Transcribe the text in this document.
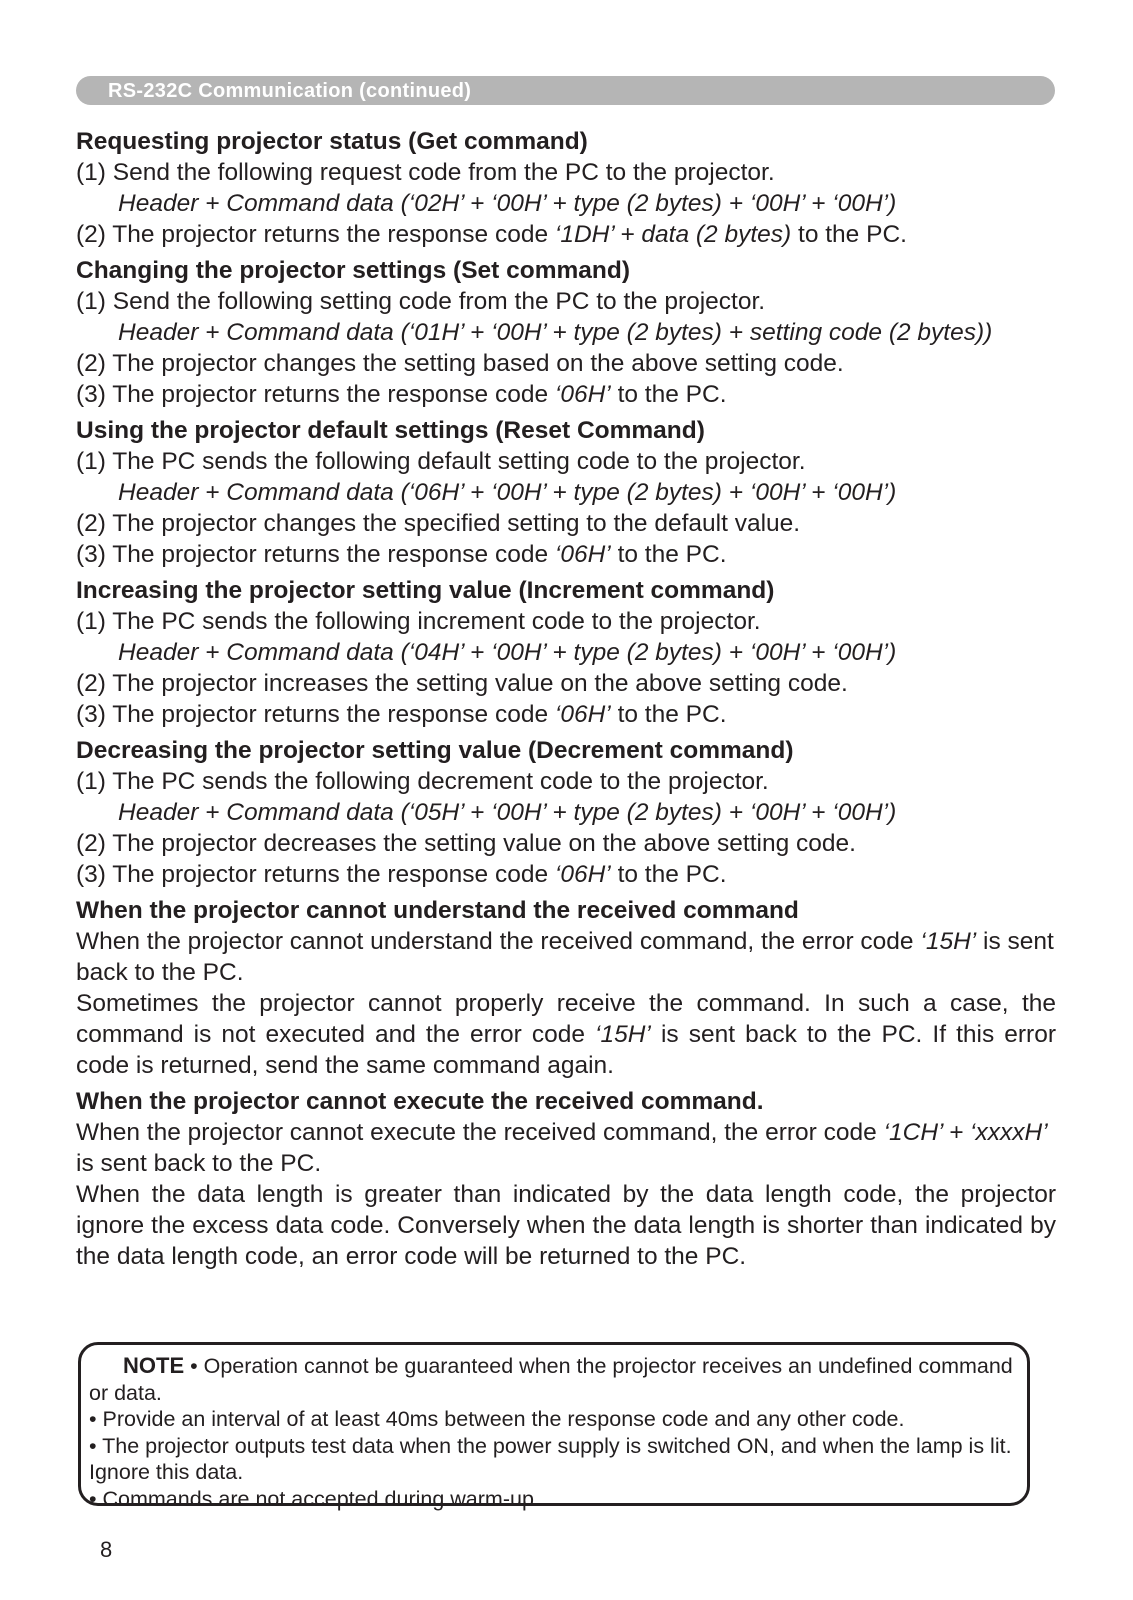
RS-232C Communication (continued)
Requesting projector status (Get command)

(1) Send the following request code from the PC to the projector.

Header + Command data (‘02H’ + ‘00H’ + type (2 bytes) + ‘00H’ + ‘00H’)

(2) The projector returns the response code ‘1DH’ + data (2 bytes) to the PC.

Changing the projector settings (Set command)

(1) Send the following setting code from the PC to the projector.

Header + Command data (‘01H’ + ‘00H’ + type (2 bytes) + setting code (2 bytes))

(2) The projector changes the setting based on the above setting code.

(3) The projector returns the response code ‘06H’ to the PC.

Using the projector default settings (Reset Command)

(1) The PC sends the following default setting code to the projector.

Header + Command data (‘06H’ + ‘00H’ + type (2 bytes) + ‘00H’ + ‘00H’)

(2) The projector changes the specified setting to the default value.

(3) The projector returns the response code ‘06H’ to the PC.

Increasing the projector setting value (Increment command)

(1) The PC sends the following increment code to the projector.

Header + Command data (‘04H’ + ‘00H’ + type (2 bytes) + ‘00H’ + ‘00H’)

(2) The projector increases the setting value on the above setting code.

(3) The projector returns the response code ‘06H’ to the PC.

Decreasing the projector setting value (Decrement command)

(1) The PC sends the following decrement code to the projector.

Header + Command data (‘05H’ + ‘00H’ + type (2 bytes) + ‘00H’ + ‘00H’)

(2) The projector decreases the setting value on the above setting code.

(3) The projector returns the response code ‘06H’ to the PC.

When the projector cannot understand the received command

When the projector cannot understand the received command, the error code ‘15H’ is sent back to the PC.

Sometimes the projector cannot properly receive the command. In such a case, the command is not executed and the error code ‘15H’ is sent back to the PC. If this error code is returned, send the same command again.

When the projector cannot execute the received command.

When the projector cannot execute the received command, the error code ‘1CH’ + ‘xxxxH’ is sent back to the PC.

When the data length is greater than indicated by the data length code, the projector ignore the excess data code. Conversely when the data length is shorter than indicated by the data length code, an error code will be returned to the PC.

NOTE • Operation cannot be guaranteed when the projector receives an undefined command or data.

• Provide an interval of at least 40ms between the response code and any other code.

• The projector outputs test data when the power supply is switched ON, and when the lamp is lit. Ignore this data.

• Commands are not accepted during warm-up.

8
